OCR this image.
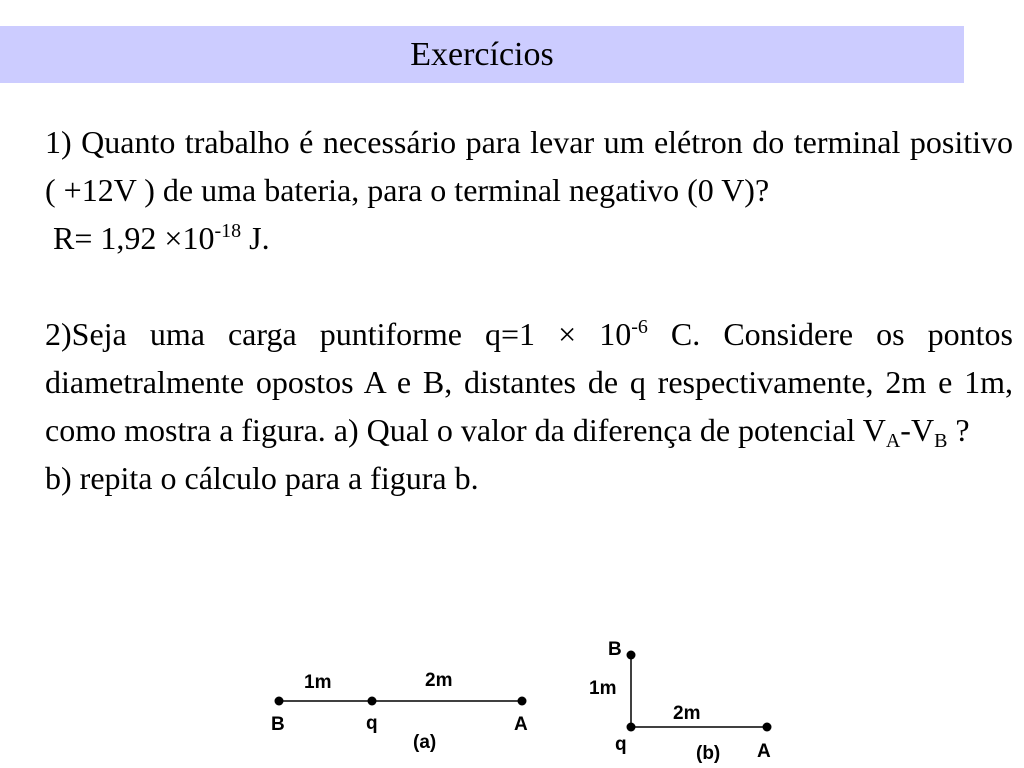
Exercícios

1) Quanto trabalho é necessário para levar um elétron do terminal positivo ( +12V ) de uma bateria, para o terminal negativo (0 V)?

$R= 1,92 \times 10^{-18}$ J.

2)Seja uma carga puntiforme $q=1 \times 10^{-6}$ C. Considere os pontos diametralmente opostos A e B, distantes de q respectivamente, 2m e 1m, como mostra a figura. a) Qual o valor da diferença de potencial $V_A-V_B$ ?

b) repita o cálculo para a figura b.

1m	2m
B	q	A
(a)
B
1m
2m
q	(b) A
